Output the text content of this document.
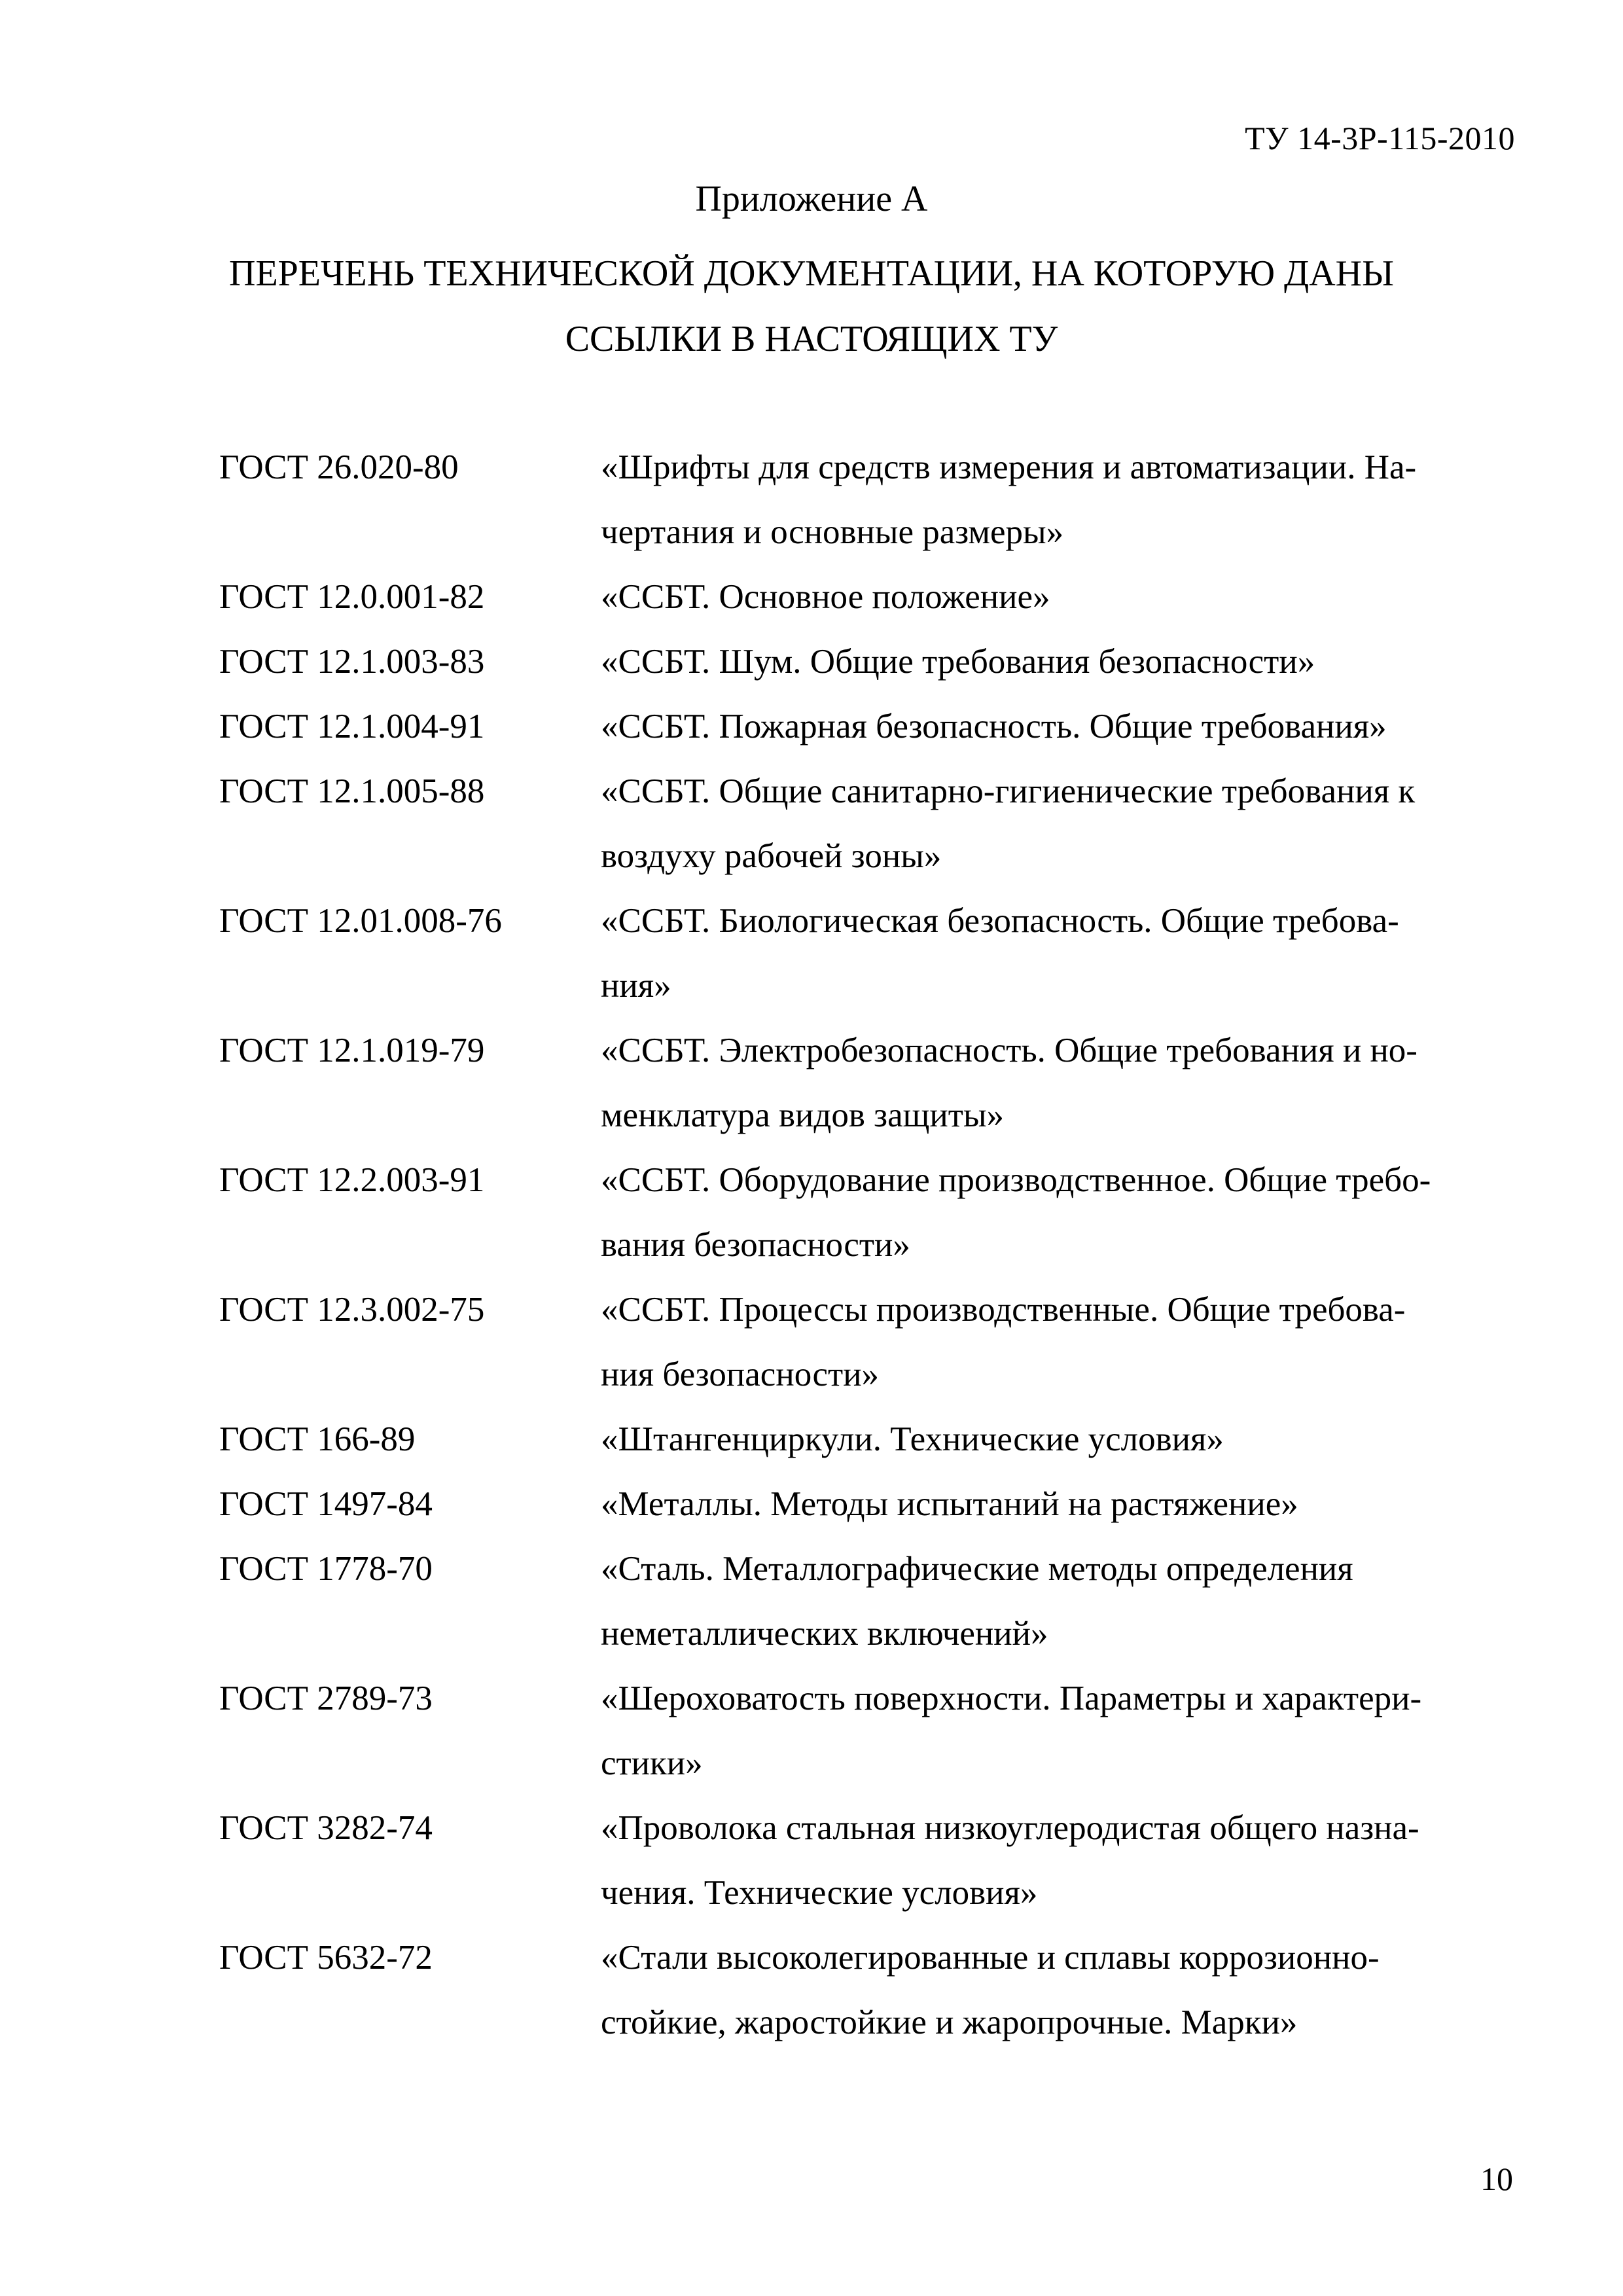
ТУ 14-3Р-115-2010
Приложение А
ПЕРЕЧЕНЬ ТЕХНИЧЕСКОЙ ДОКУМЕНТАЦИИ, НА КОТОРУЮ ДАНЫ
ССЫЛКИ В НАСТОЯЩИХ ТУ
ГОСТ 26.020-80	«Шрифты для средств измерения и автоматизации. На-
чертания и основные размеры»
ГОСТ 12.0.001-82	«ССБТ. Основное положение»
ГОСТ 12.1.003-83	«ССБТ. Шум. Общие требования безопасности»
ГОСТ 12.1.004-91	«ССБТ. Пожарная безопасность. Общие требования»
ГОСТ 12.1.005-88	«ССБТ. Общие санитарно-гигиенические требования к
воздуху рабочей зоны»
ГОСТ 12.01.008-76	«ССБТ. Биологическая безопасность. Общие требова-
ния»
ГОСТ 12.1.019-79	«ССБТ. Электробезопасность. Общие требования и но-
менклатура видов защиты»
ГОСТ 12.2.003-91	«ССБТ. Оборудование производственное. Общие требо-
вания безопасности»
ГОСТ 12.3.002-75	«ССБТ. Процессы производственные. Общие требова-
ния безопасности»
ГОСТ 166-89	«Штангенциркули. Технические условия»
ГОСТ 1497-84	«Металлы. Методы испытаний на растяжение»
ГОСТ 1778-70	«Сталь. Металлографические методы определения
неметаллических включений»
ГОСТ 2789-73	«Шероховатость поверхности. Параметры и характери-
стики»
ГОСТ 3282-74	«Проволока стальная низкоуглеродистая общего назна-
чения. Технические условия»
ГОСТ 5632-72	«Стали высоколегированные и сплавы коррозионно-
стойкие, жаростойкие и жаропрочные. Марки»
10
